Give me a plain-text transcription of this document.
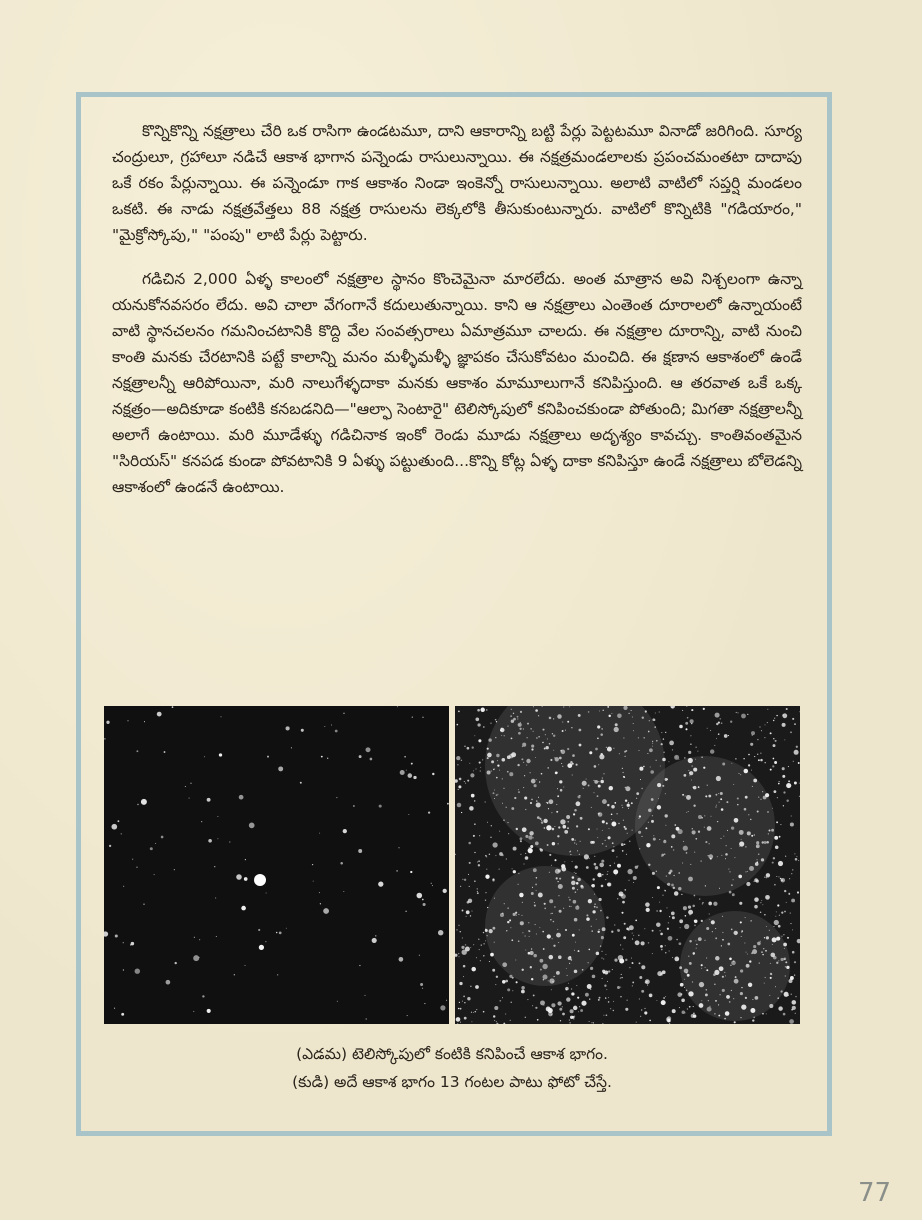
కొన్నికొన్ని నక్షత్రాలు చేరి ఒక రాసిగా ఉండటమూ, దాని ఆకారాన్ని బట్టి పేర్లు పెట్టటమూ వినాడో జరిగింది. సూర్య చంద్రులూ, గ్రహాలూ నడిచే ఆకాశ భాగాన పన్నెండు రాసులున్నాయి. ఈ నక్షత్రమండలాలకు ప్రపంచమంతటా దాదాపు ఒకే రకం పేర్లున్నాయి. ఈ పన్నెండూ గాక ఆకాశం నిండా ఇంకెన్నో రాసులున్నాయి. అలాటి వాటిలో సప్తర్షి మండలం ఒకటి. ఈ నాడు నక్షత్రవేత్తలు 88 నక్షత్ర రాసులను లెక్కలోకి తీసుకుంటున్నారు. వాటిలో కొన్నిటికి "గడియారం," "మైక్రోస్కోపు," "పంపు" లాటి పేర్లు పెట్టారు.

గడిచిన 2,000 ఏళ్ళ కాలంలో నక్షత్రాల స్థానం కొంచెమైనా మారలేదు. అంత మాత్రాన అవి నిశ్చలంగా ఉన్నా యనుకోనవసరం లేదు. అవి చాలా వేగంగానే కదులుతున్నాయి. కాని ఆ నక్షత్రాలు ఎంతెంత దూరాలలో ఉన్నాయంటే వాటి స్థానచలనం గమనించటానికి కొద్ది వేల సంవత్సరాలు ఏమాత్రమూ చాలదు. ఈ నక్షత్రాల దూరాన్ని, వాటి నుంచి కాంతి మనకు చేరటానికి పట్టే కాలాన్ని మనం మళ్ళీమళ్ళీ జ్ఞాపకం చేసుకోవటం మంచిది. ఈ క్షణాన ఆకాశంలో ఉండే నక్షత్రాలన్నీ ఆరిపోయినా, మరి నాలుగేళ్ళదాకా మనకు ఆకాశం మామూలుగానే కనిపిస్తుంది. ఆ తరవాత ఒకే ఒక్క నక్షత్రం—అదికూడా కంటికి కనబడనిది—"ఆల్ఫా సెంటారై" టెలిస్కోపులో కనిపించకుండా పోతుంది; మిగతా నక్షత్రాలన్నీ అలాగే ఉంటాయి. మరి మూడేళ్ళు గడిచినాక ఇంకో రెండు మూడు నక్షత్రాలు అదృశ్యం కావచ్చు. కాంతివంతమైన "సిరియస్" కనపడ కుండా పోవటానికి 9 ఏళ్ళు పట్టుతుంది...కొన్ని కోట్ల ఏళ్ళ దాకా కనిపిస్తూ ఉండే నక్షత్రాలు బోలెడన్ని ఆకాశంలో ఉండనే ఉంటాయి.

(ఎడమ) టెలిస్కోపులో కంటికి కనిపించే ఆకాశ భాగం.
(కుడి) అదే ఆకాశ భాగం 13 గంటల పాటు ఫోటో చేస్తే.
77
